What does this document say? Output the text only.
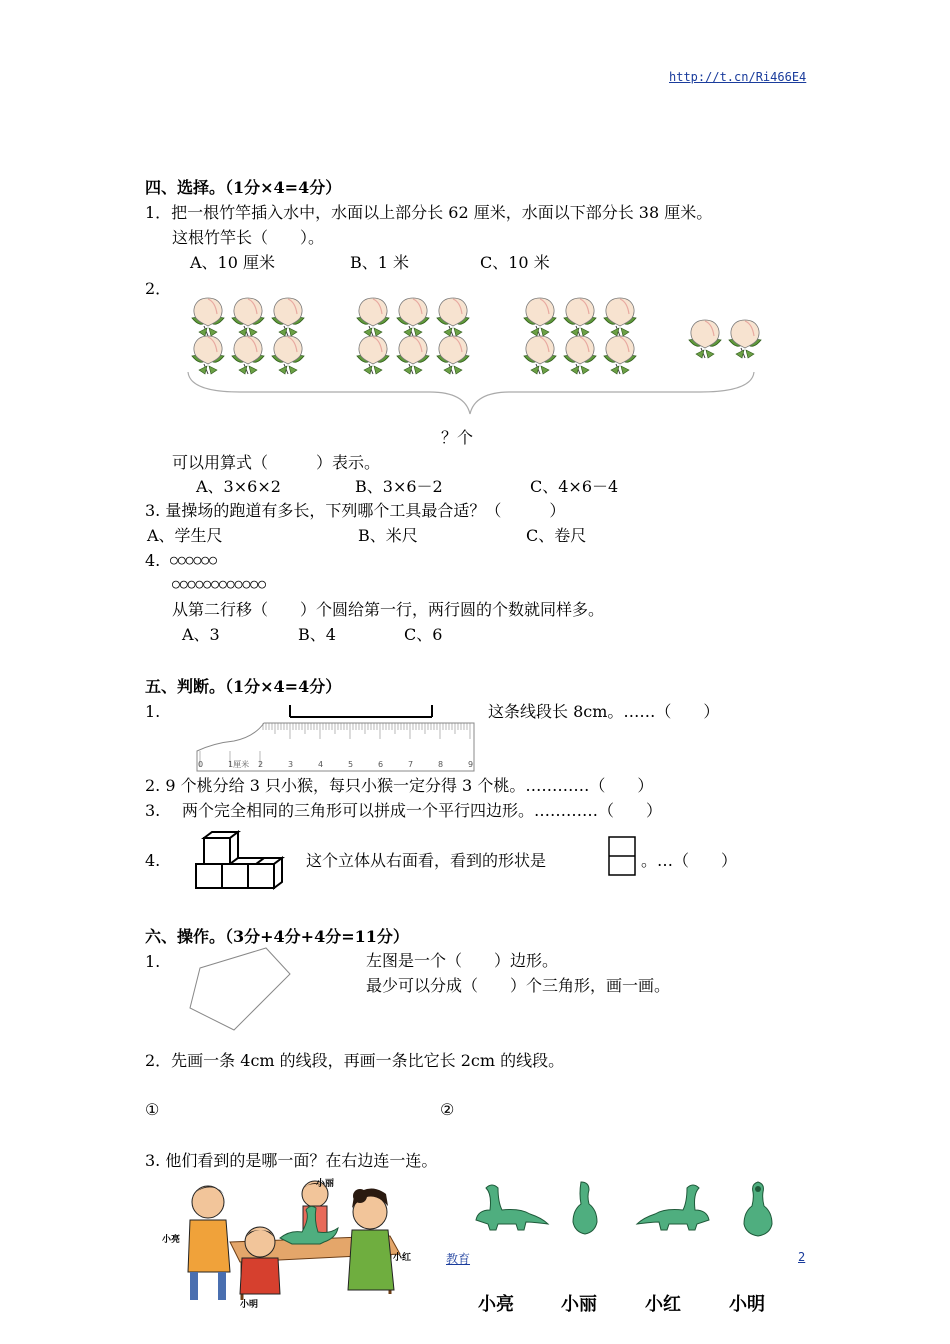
http://t.cn/Ri466E4
四、选择。（1分×4=4分）
1．把一根竹竿插入水中，水面以上部分长 62 厘米，水面以下部分长 38 厘米。
这根竹竿长（　　）。
A、10 厘米	B、1 米	C、10 米
2．
？个
可以用算式（　　　）表示。
A、3×6×2	B、3×6－2	C、4×6－4
3. 量操场的跑道有多长，下列哪个工具最合适？（　　　）
A、学生尺	B、米尺	C、卷尺
4. ○○○○○○
○○○○○○○○○○○○
从第二行移（　　）个圆给第一行，两行圆的个数就同样多。
A、3	B、4	C、6
五、判断。（1分×4=4分）
1.
0	1厘米 2	3	4	5	6	7	8	9
这条线段长 8cm。……（　　）
2. 9 个桃分给 3 只小猴，每只小猴一定分得 3 个桃。…………（　　）
3. 两个完全相同的三角形可以拼成一个平行四边形。…………（　　）
4.	这个立体从右面看，看到的形状是	。…（　　）
六、操作。（3分+4分+4分=11分）
1.	左图是一个（　　）边形。
最少可以分成（　　）个三角形，画一画。
2．先画一条 4cm 的线段，再画一条比它长 2cm 的线段。
①	②
3. 他们看到的是哪一面？在右边连一连。
小丽
小亮
小红
小明
教育	2
小亮	小丽	小红	小明
